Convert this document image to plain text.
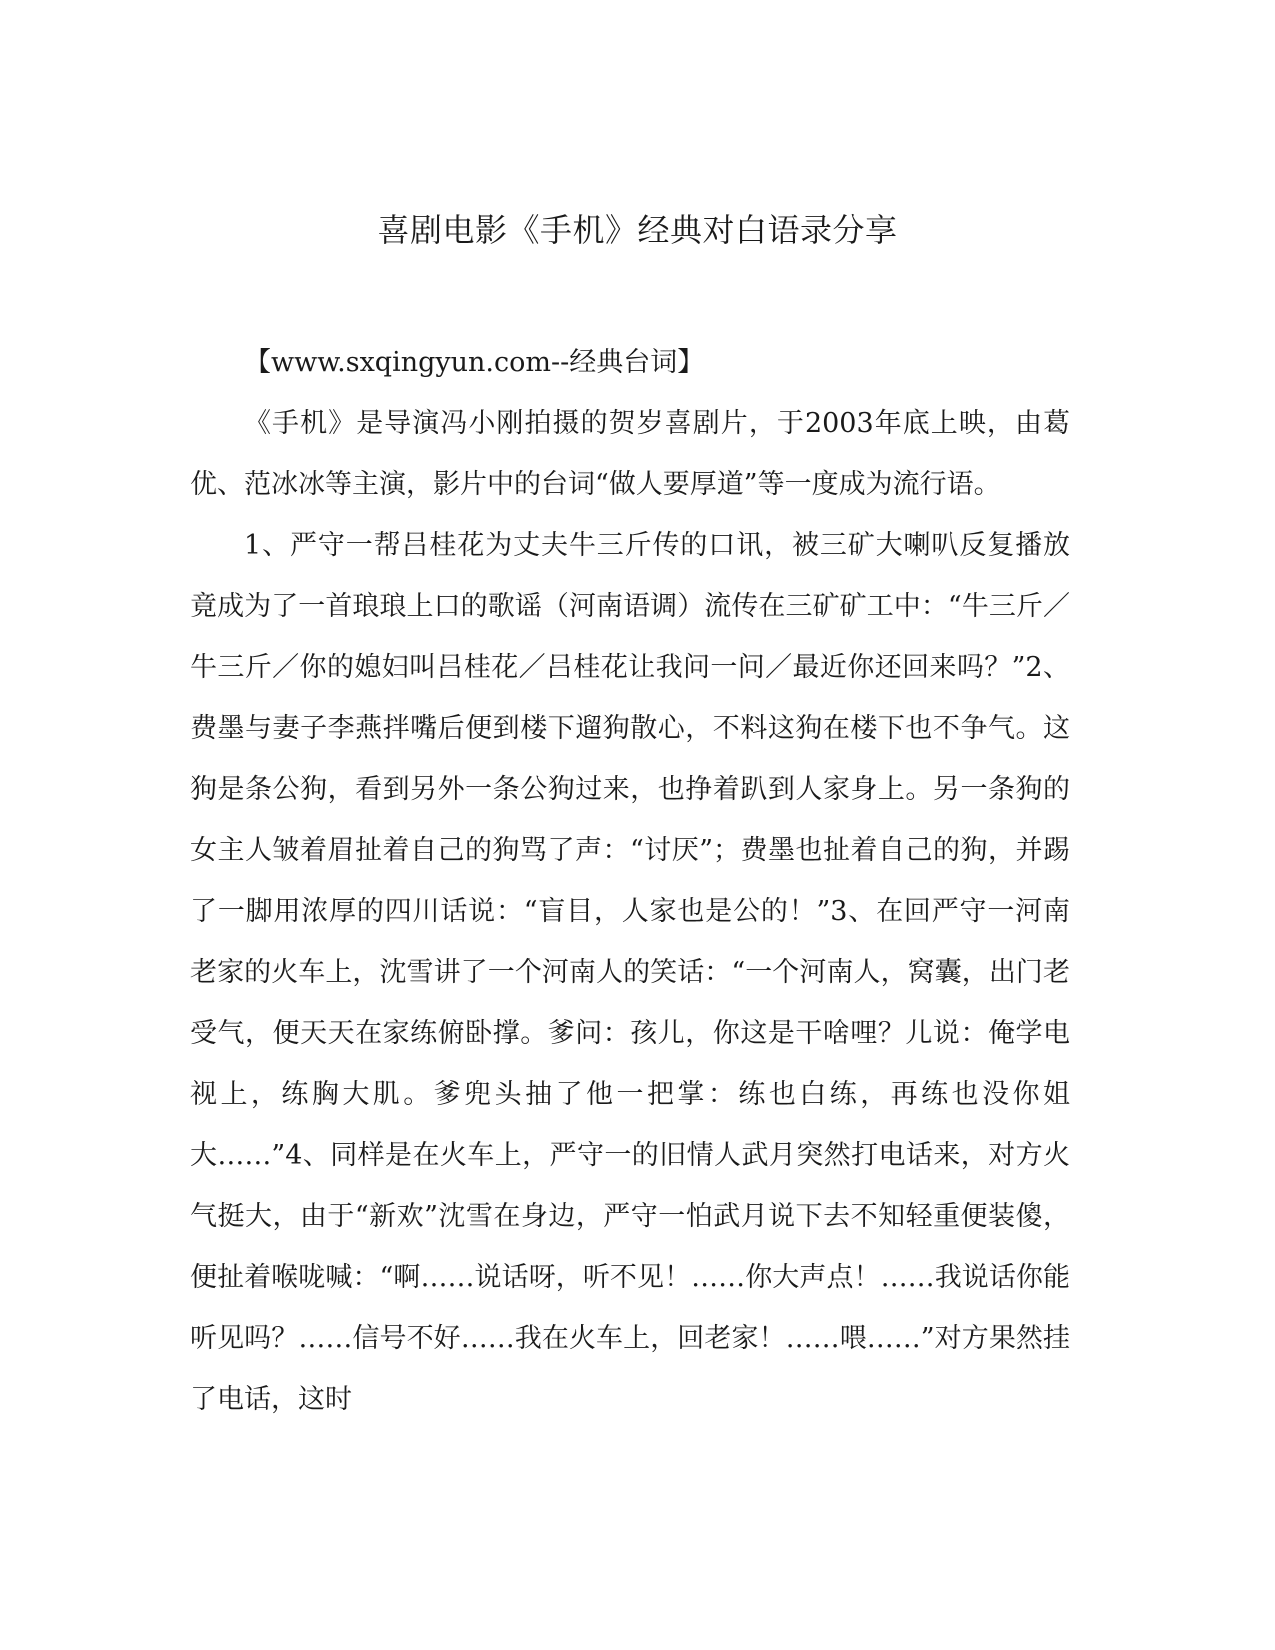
喜剧电影《手机》经典对白语录分享

【www.sxqingyun.com--经典台词】

《手机》是导演冯小刚拍摄的贺岁喜剧片，于2003年底上映，由葛优、范冰冰等主演，影片中的台词“做人要厚道”等一度成为流行语。

1、严守一帮吕桂花为丈夫牛三斤传的口讯，被三矿大喇叭反复播放竟成为了一首琅琅上口的歌谣（河南语调）流传在三矿矿工中：“牛三斤／牛三斤／你的媳妇叫吕桂花／吕桂花让我问一问／最近你还回来吗？”2、费墨与妻子李燕拌嘴后便到楼下遛狗散心，不料这狗在楼下也不争气。这狗是条公狗，看到另外一条公狗过来，也挣着趴到人家身上。另一条狗的女主人皱着眉扯着自己的狗骂了声：“讨厌”；费墨也扯着自己的狗，并踢了一脚用浓厚的四川话说：“盲目，人家也是公的！”3、在回严守一河南老家的火车上，沈雪讲了一个河南人的笑话：“一个河南人，窝囊，出门老受气，便天天在家练俯卧撑。爹问：孩儿，你这是干啥哩？儿说：俺学电视上，练胸大肌。爹兜头抽了他一把掌：练也白练，再练也没你姐大……”4、同样是在火车上，严守一的旧情人武月突然打电话来，对方火气挺大，由于“新欢”沈雪在身边，严守一怕武月说下去不知轻重便装傻，便扯着喉咙喊：“啊……说话呀，听不见！……你大声点！……我说话你能听见吗？……信号不好……我在火车上，回老家！……喂……”对方果然挂了电话，这时
